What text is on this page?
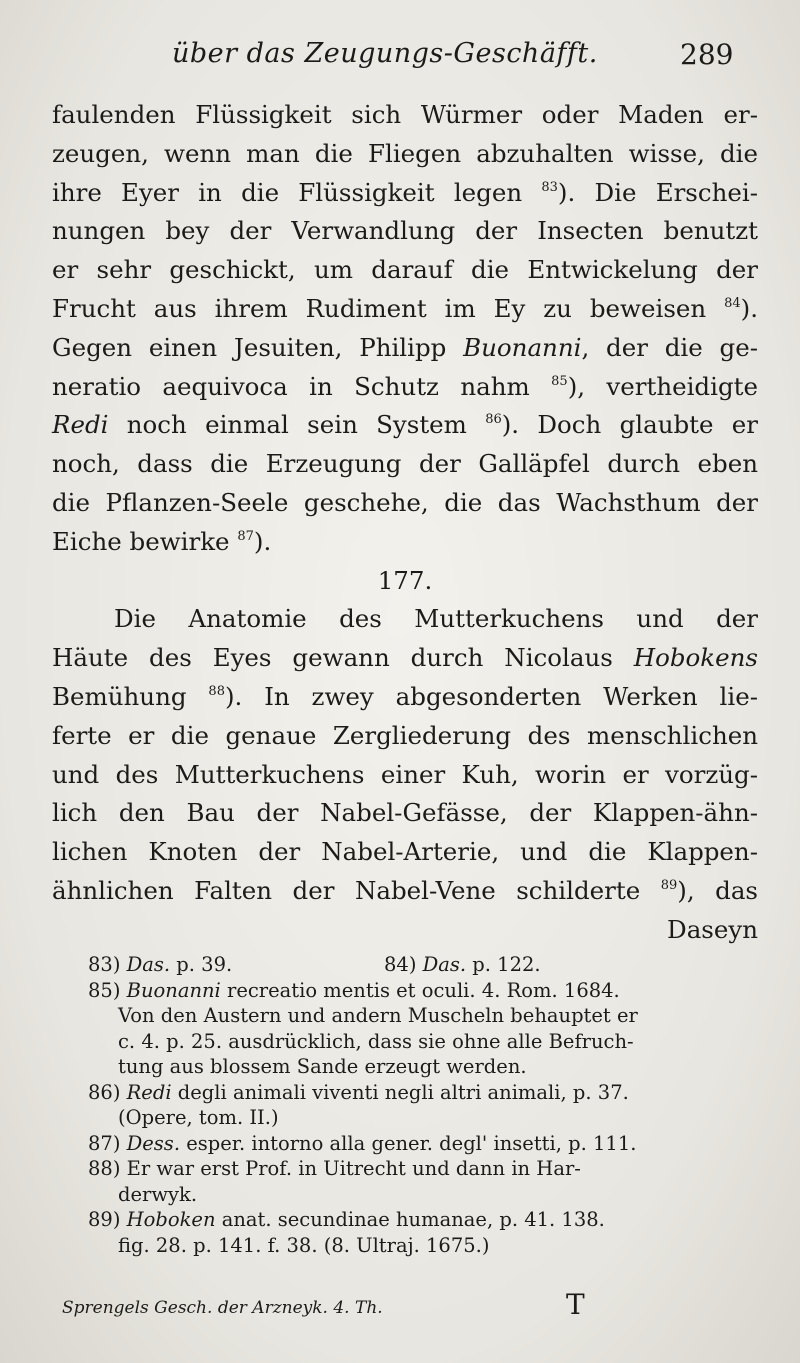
über das Zeugungs-Geschäfft.	289
faulenden Flüssigkeit sich Würmer oder Maden er-
zeugen, wenn man die Fliegen abzuhalten wisse, die
ihre Eyer in die Flüssigkeit legen $^{83}$). Die Erschei-
nungen bey der Verwandlung der Insecten benutzt
er sehr geschickt, um darauf die Entwickelung der
Frucht aus ihrem Rudiment im Ey zu beweisen $^{84}$).
Gegen einen Jesuiten, Philipp Buonanni, der die ge-
neratio aequivoca in Schutz nahm $^{85}$), vertheidigte
Redi noch einmal sein System $^{86}$). Doch glaubte er
noch, dass die Erzeugung der Galläpfel durch eben
die Pflanzen-Seele geschehe, die das Wachsthum der
Eiche bewirke $^{87}$).
177.
Die Anatomie des Mutterkuchens und der
Häute des Eyes gewann durch Nicolaus Hobokens
Bemühung $^{88}$). In zwey abgesonderten Werken lie-
ferte er die genaue Zergliederung des menschlichen
und des Mutterkuchens einer Kuh, worin er vorzüg-
lich den Bau der Nabel-Gefässe, der Klappen-ähn-
lichen Knoten der Nabel-Arterie, und die Klappen-
ähnlichen Falten der Nabel-Vene schilderte $^{89}$), das
Daseyn
83) Das. p. 39.	84) Das. p. 122.
85) Buonanni recreatio mentis et oculi. 4. Rom. 1684.
Von den Austern und andern Muscheln behauptet er
c. 4. p. 25. ausdrücklich, dass sie ohne alle Befruch-
tung aus blossem Sande erzeugt werden.
86) Redi degli animali viventi negli altri animali, p. 37.
(Opere, tom. II.)
87) Dess. esper. intorno alla gener. degl' insetti, p. 111.
88) Er war erst Prof. in Uitrecht und dann in Har-
derwyk.
89) Hoboken anat. secundinae humanae, p. 41. 138.
fig. 28. p. 141. f. 38. (8. Ultraj. 1675.)
Sprengels Gesch. der Arzneyk. 4. Th.	T
